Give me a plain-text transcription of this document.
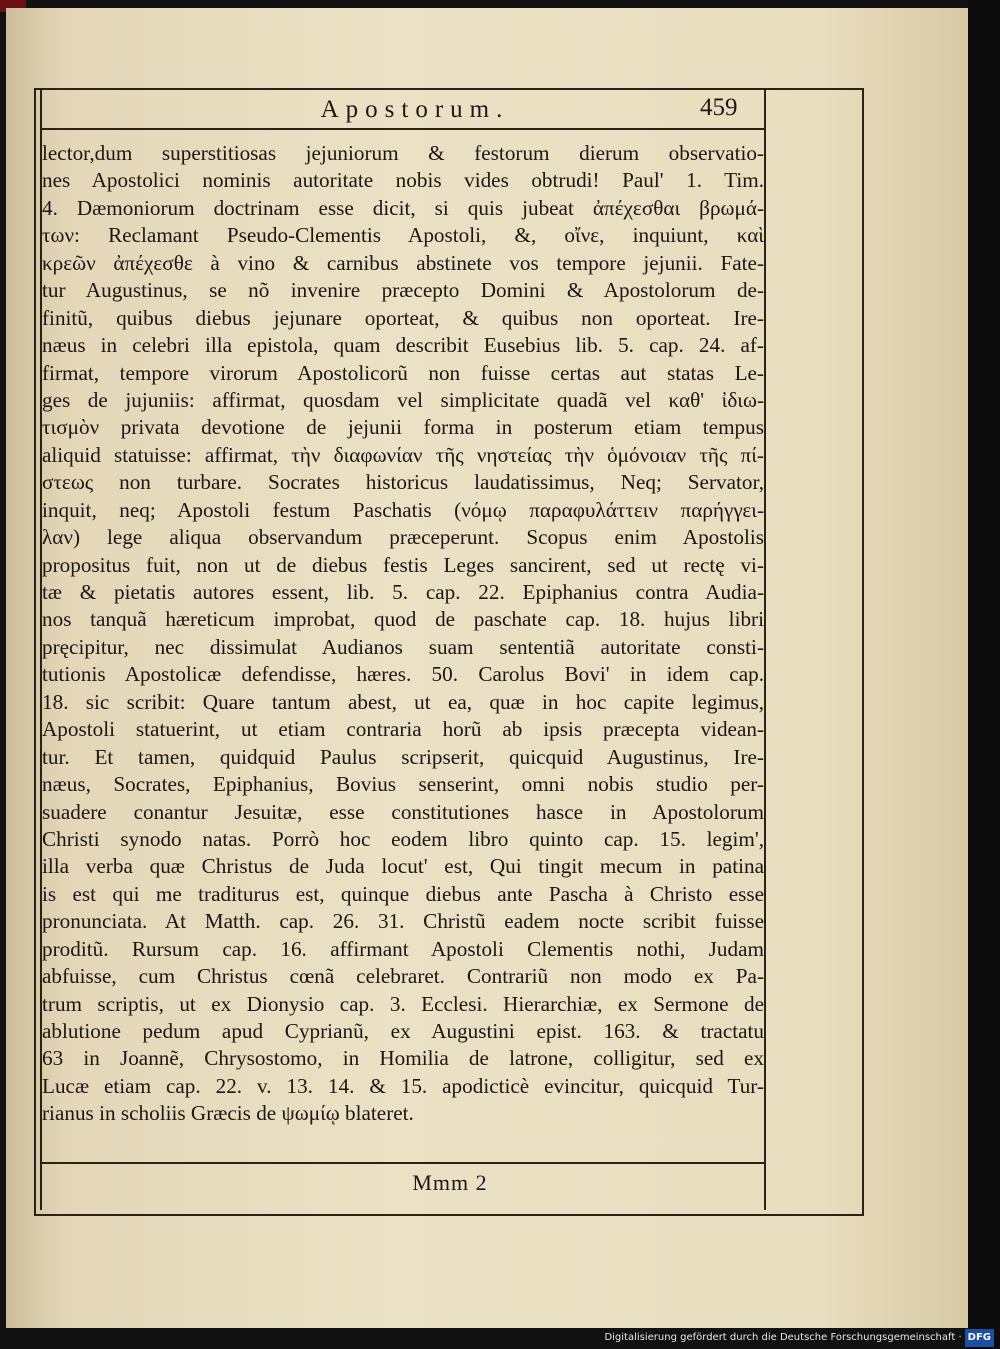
Apostorum.	459
lector,dum superstitiosas jejuniorum & festorum dierum observatio-
nes Apostolici nominis autoritate nobis vides obtrudi! Paul' 1. Tim.
4. Dæmoniorum doctrinam esse dicit, si quis jubeat ἀπέχεσθαι βρωμά-
των: Reclamant Pseudo-Clementis Apostoli, &, οἴνε, inquiunt, καὶ
κρεῶν ἀπέχεσθε à vino & carnibus abstinete vos tempore jejunii. Fate-
tur Augustinus, se nõ invenire præcepto Domini & Apostolorum de-
finitũ, quibus diebus jejunare oporteat, & quibus non oporteat. Ire-
næus in celebri illa epistola, quam describit Eusebius lib. 5. cap. 24. af-
firmat, tempore virorum Apostolicorũ non fuisse certas aut statas Le-
ges de jujuniis: affirmat, quosdam vel simplicitate quadã vel καθ' ἰδιω-
τισμὸν privata devotione de jejunii forma in posterum etiam tempus
aliquid statuisse: affirmat, τὴν διαφωνίαν τῆς νηστείας τὴν ὁμόνοιαν τῆς πί-
στεως non turbare. Socrates historicus laudatissimus, Neq; Servator,
inquit, neq; Apostoli festum Paschatis (νόμῳ παραφυλάττειν παρήγγει-
λαν) lege aliqua observandum præceperunt. Scopus enim Apostolis
propositus fuit, non ut de diebus festis Leges sancirent, sed ut rectę vi-
tæ & pietatis autores essent, lib. 5. cap. 22. Epiphanius contra Audia-
nos tanquã hæreticum improbat, quod de paschate cap. 18. hujus libri
pręcipitur, nec dissimulat Audianos suam sententiã autoritate consti-
tutionis Apostolicæ defendisse, hæres. 50. Carolus Bovi' in idem cap.
18. sic scribit: Quare tantum abest, ut ea, quæ in hoc capite legimus,
Apostoli statuerint, ut etiam contraria horũ ab ipsis præcepta videan-
tur. Et tamen, quidquid Paulus scripserit, quicquid Augustinus, Ire-
næus, Socrates, Epiphanius, Bovius senserint, omni nobis studio per-
suadere conantur Jesuitæ, esse constitutiones hasce in Apostolorum
Christi synodo natas. Porrò hoc eodem libro quinto cap. 15. legim',
illa verba quæ Christus de Juda locut' est, Qui tingit mecum in patina
is est qui me traditurus est, quinque diebus ante Pascha à Christo esse
pronunciata. At Matth. cap. 26. 31. Christũ eadem nocte scribit fuisse
proditũ. Rursum cap. 16. affirmant Apostoli Clementis nothi, Judam
abfuisse, cum Christus cœnã celebraret. Contrariũ non modo ex Pa-
trum scriptis, ut ex Dionysio cap. 3. Ecclesi. Hierarchiæ, ex Sermone de
ablutione pedum apud Cyprianũ, ex Augustini epist. 163. & tractatu
63 in Joannẽ, Chrysostomo, in Homilia de latrone, colligitur, sed ex
Lucæ etiam cap. 22. v. 13. 14. & 15. apodicticè evincitur, quicquid Tur-
rianus in scholiis Græcis de ψωμίῳ blateret.
Mmm 2
Digitalisierung gefördert durch die Deutsche Forschungsgemeinschaft · DFG
